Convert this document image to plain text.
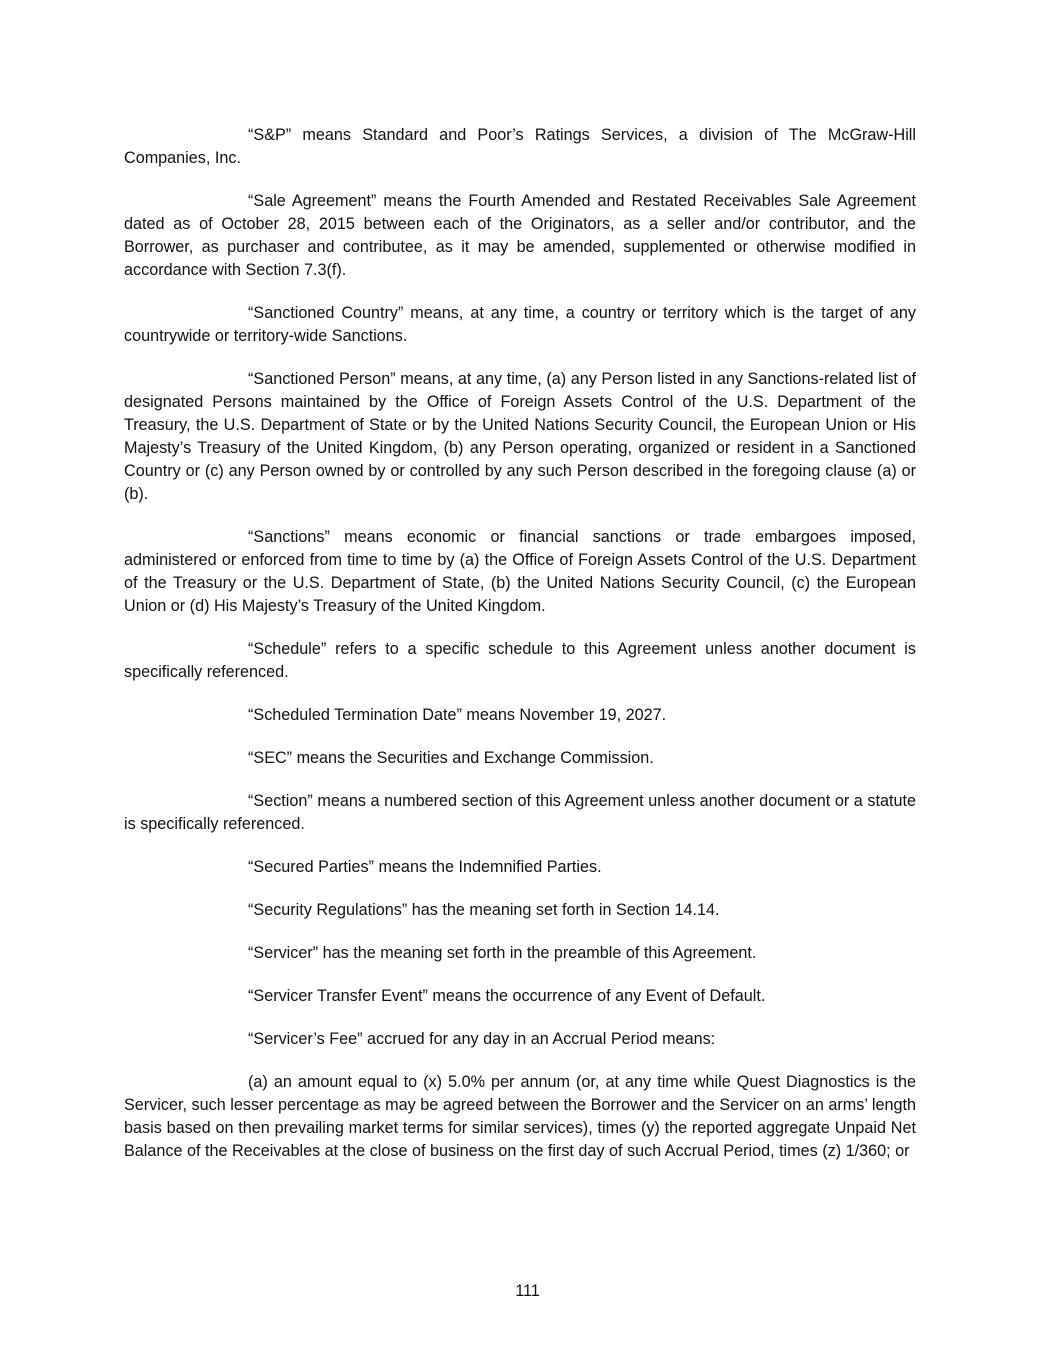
“S&P” means Standard and Poor’s Ratings Services, a division of The McGraw-Hill Companies, Inc.

“Sale Agreement” means the Fourth Amended and Restated Receivables Sale Agreement dated as of October 28, 2015 between each of the Originators, as a seller and/or contributor, and the Borrower, as purchaser and contributee, as it may be amended, supplemented or otherwise modified in accordance with Section 7.3(f).

“Sanctioned Country” means, at any time, a country or territory which is the target of any countrywide or territory-wide Sanctions.

“Sanctioned Person” means, at any time, (a) any Person listed in any Sanctions-related list of designated Persons maintained by the Office of Foreign Assets Control of the U.S. Department of the Treasury, the U.S. Department of State or by the United Nations Security Council, the European Union or His Majesty’s Treasury of the United Kingdom, (b) any Person operating, organized or resident in a Sanctioned Country or (c) any Person owned by or controlled by any such Person described in the foregoing clause (a) or (b).

“Sanctions” means economic or financial sanctions or trade embargoes imposed, administered or enforced from time to time by (a) the Office of Foreign Assets Control of the U.S. Department of the Treasury or the U.S. Department of State, (b) the United Nations Security Council, (c) the European Union or (d) His Majesty’s Treasury of the United Kingdom.

“Schedule” refers to a specific schedule to this Agreement unless another document is specifically referenced.

“Scheduled Termination Date” means November 19, 2027.

“SEC” means the Securities and Exchange Commission.

“Section” means a numbered section of this Agreement unless another document or a statute is specifically referenced.

“Secured Parties” means the Indemnified Parties.

“Security Regulations” has the meaning set forth in Section 14.14.

“Servicer” has the meaning set forth in the preamble of this Agreement.

“Servicer Transfer Event” means the occurrence of any Event of Default.

“Servicer’s Fee” accrued for any day in an Accrual Period means:

(a) an amount equal to (x) 5.0% per annum (or, at any time while Quest Diagnostics is the Servicer, such lesser percentage as may be agreed between the Borrower and the Servicer on an arms’ length basis based on then prevailing market terms for similar services), times (y) the reported aggregate Unpaid Net Balance of the Receivables at the close of business on the first day of such Accrual Period, times (z) 1/360; or

111
